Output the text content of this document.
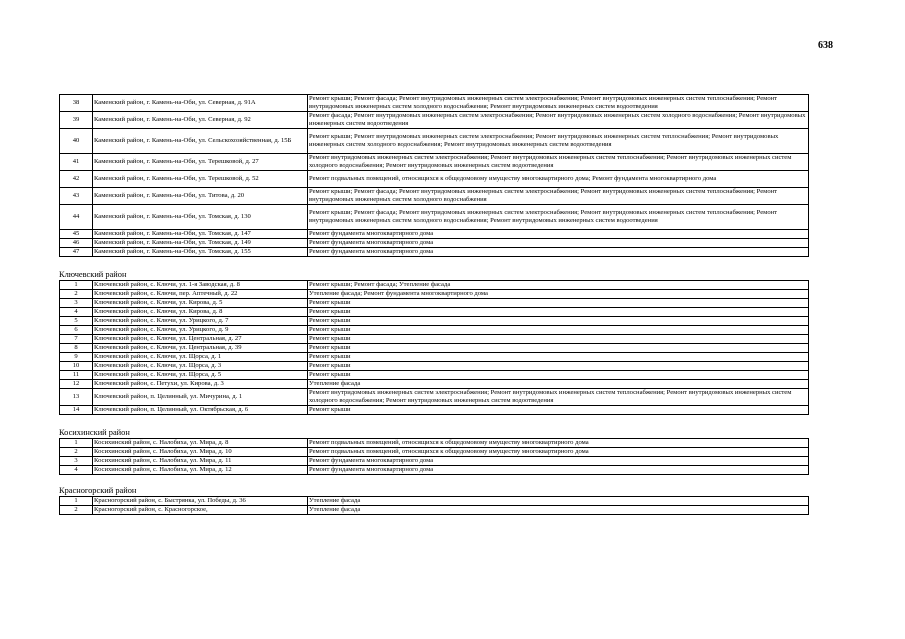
638
38	Каменский район, г. Камень-на-Оби, ул. Северная, д. 91А	Ремонт крыши; Ремонт фасада; Ремонт внутридомовых инженерных систем электроснабжения; Ремонт внутридомовых инженерных систем теплоснабжения; Ремонт внутридомовых инженерных систем холодного водоснабжения; Ремонт внутридомовых инженерных систем водоотведения
39	Каменский район, г. Камень-на-Оби, ул. Северная, д. 92	Ремонт фасада; Ремонт внутридомовых инженерных систем электроснабжения; Ремонт внутридомовых инженерных систем холодного водоснабжения; Ремонт внутридомовых инженерных систем водоотведения
40	Каменский район, г. Камень-на-Оби, ул. Сельскохозяйственная, д. 15Б	Ремонт крыши; Ремонт внутридомовых инженерных систем электроснабжения; Ремонт внутридомовых инженерных систем теплоснабжения; Ремонт внутридомовых инженерных систем холодного водоснабжения; Ремонт внутридомовых инженерных систем водоотведения
41	Каменский район, г. Камень-на-Оби, ул. Терешковой, д. 27	Ремонт внутридомовых инженерных систем электроснабжения; Ремонт внутридомовых инженерных систем теплоснабжения; Ремонт внутридомовых инженерных систем холодного водоснабжения; Ремонт внутридомовых инженерных систем водоотведения
42	Каменский район, г. Камень-на-Оби, ул. Терешковой, д. 52	Ремонт подвальных помещений, относящихся к общедомовому имуществу многоквартирного дома; Ремонт фундамента многоквартирного дома
43	Каменский район, г. Камень-на-Оби, ул. Титова, д. 20	Ремонт крыши; Ремонт фасада; Ремонт внутридомовых инженерных систем электроснабжения; Ремонт внутридомовых инженерных систем теплоснабжения; Ремонт внутридомовых инженерных систем холодного водоснабжения
44	Каменский район, г. Камень-на-Оби, ул. Томская, д. 130	Ремонт крыши; Ремонт фасада; Ремонт внутридомовых инженерных систем электроснабжения; Ремонт внутридомовых инженерных систем теплоснабжения; Ремонт внутридомовых инженерных систем холодного водоснабжения; Ремонт внутридомовых инженерных систем водоотведения
45	Каменский район, г. Камень-на-Оби, ул. Томская, д. 147	Ремонт фундамента многоквартирного дома
46	Каменский район, г. Камень-на-Оби, ул. Томская, д. 149	Ремонт фундамента многоквартирного дома
47	Каменский район, г. Камень-на-Оби, ул. Томская, д. 155	Ремонт фундамента многоквартирного дома
Ключевский район
1	Ключевский район, с. Ключи, ул. 1-я Заводская, д. 8	Ремонт крыши; Ремонт фасада; Утепление фасада
2	Ключевский район, с. Ключи, пер. Аптечный, д. 22	Утепление фасада; Ремонт фундамента многоквартирного дома
3	Ключевский район, с. Ключи, ул. Кирова, д. 5	Ремонт крыши
4	Ключевский район, с. Ключи, ул. Кирова, д. 8	Ремонт крыши
5	Ключевский район, с. Ключи, ул. Урицкого, д. 7	Ремонт крыши
6	Ключевский район, с. Ключи, ул. Урицкого, д. 9	Ремонт крыши
7	Ключевский район, с. Ключи, ул. Центральная, д. 27	Ремонт крыши
8	Ключевский район, с. Ключи, ул. Центральная, д. 39	Ремонт крыши
9	Ключевский район, с. Ключи, ул. Щорса, д. 1	Ремонт крыши
10	Ключевский район, с. Ключи, ул. Щорса, д. 3	Ремонт крыши
11	Ключевский район, с. Ключи, ул. Щорса, д. 5	Ремонт крыши
12	Ключевский район, с. Петухи, ул. Кирова, д. 3	Утепление фасада
13	Ключевский район, п. Целинный, ул. Мичурина, д. 1	Ремонт внутридомовых инженерных систем электроснабжения; Ремонт внутридомовых инженерных систем теплоснабжения; Ремонт внутридомовых инженерных систем холодного водоснабжения; Ремонт внутридомовых инженерных систем водоотведения
14	Ключевский район, п. Целинный, ул. Октябрьская, д. 6	Ремонт крыши
Косихинский район
1	Косихинский район, с. Налобиха, ул. Мира, д. 8	Ремонт подвальных помещений, относящихся к общедомовому имуществу многоквартирного дома
2	Косихинский район, с. Налобиха, ул. Мира, д. 10	Ремонт подвальных помещений, относящихся к общедомовому имуществу многоквартирного дома
3	Косихинский район, с. Налобиха, ул. Мира, д. 11	Ремонт фундамента многоквартирного дома
4	Косихинский район, с. Налобиха, ул. Мира, д. 12	Ремонт фундамента многоквартирного дома
Красногорский район
1	Красногорский район, с. Быстрянка, ул. Победы, д. 36	Утепление фасада
2	Красногорский район, с. Красногорское,	Утепление фасада
